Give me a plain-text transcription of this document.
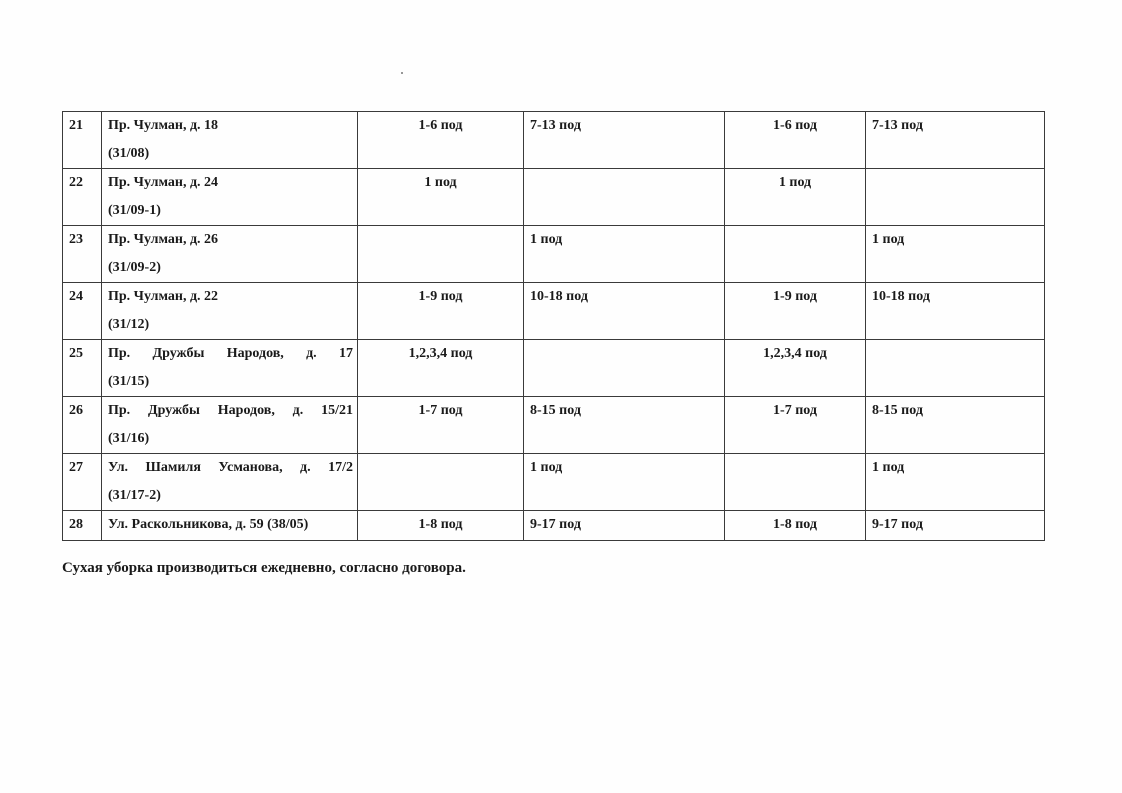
21	Пр. Чулман, д. 18
(31/08)	1-6 под	7-13 под	1-6 под	7-13 под
22	Пр. Чулман, д. 24
(31/09-1)	1 под		1 под	
23	Пр. Чулман, д. 26
(31/09-2)		1 под		1 под
24	Пр. Чулман, д. 22
(31/12)	1-9 под	10-18 под	1-9 под	10-18 под
25	Пр. Дружбы Народов, д. 17
(31/15)	1,2,3,4 под		1,2,3,4 под	
26	Пр. Дружбы Народов, д. 15/21
(31/16)	1-7 под	8-15 под	1-7 под	8-15 под
27	Ул. Шамиля Усманова, д. 17/2
(31/17-2)		1 под		1 под
28	Ул. Раскольникова, д. 59 (38/05)	1-8 под	9-17 под	1-8 под	9-17 под
Сухая уборка производиться ежедневно, согласно договора.
